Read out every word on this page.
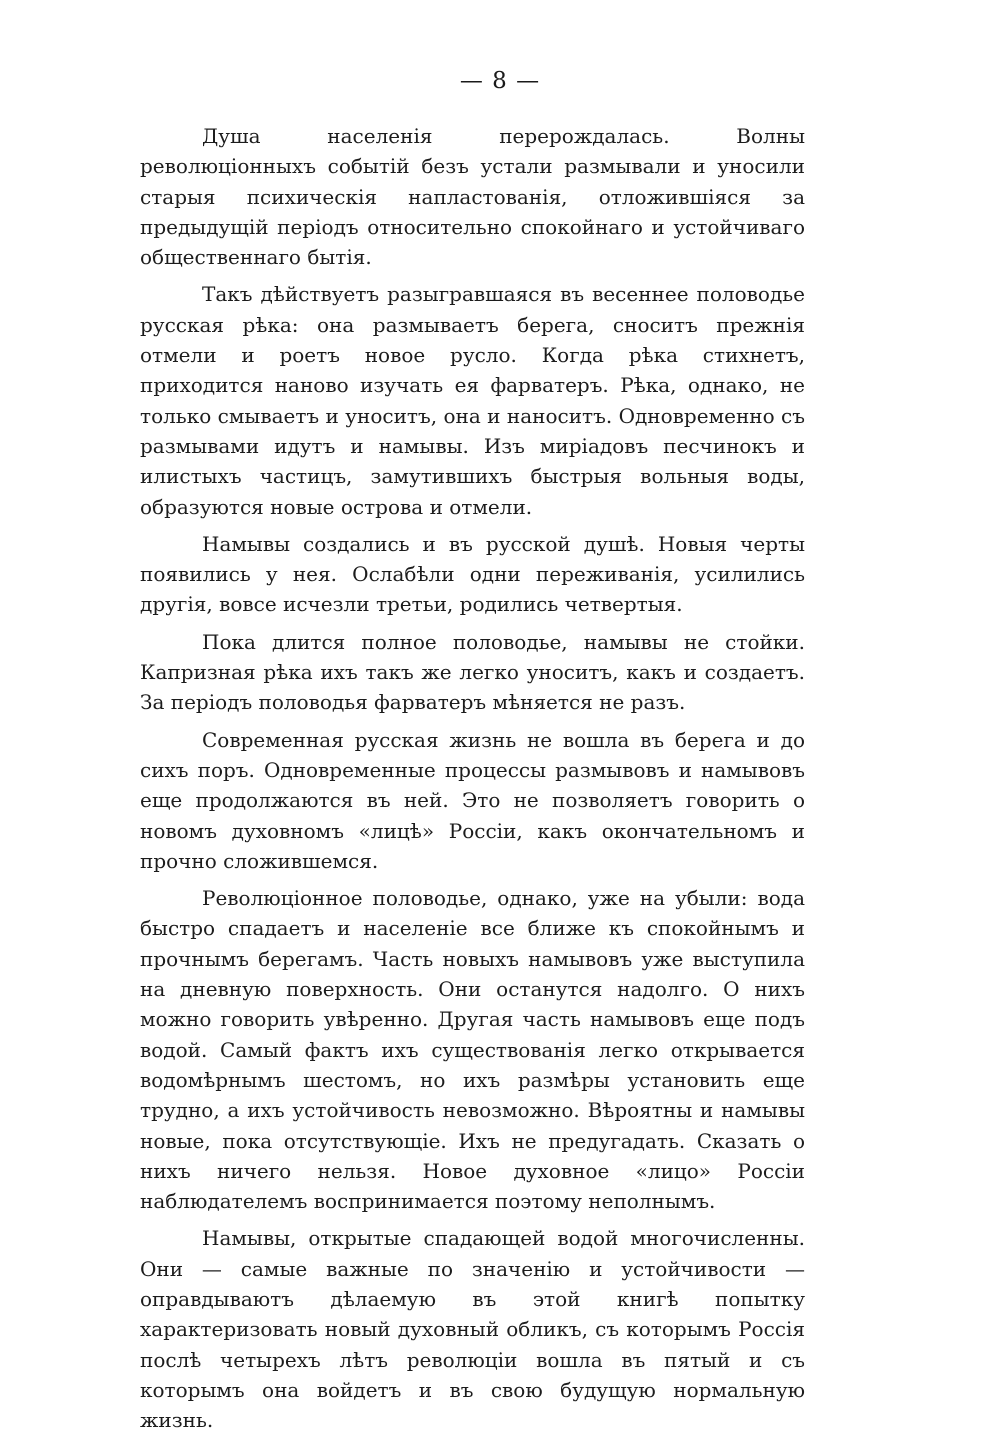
— 8 —

Душа населенія перерождалась. Волны революціонныхъ событій безъ устали размывали и уносили старыя психическія напластованія, отложившіяся за предыдущій періодъ относительно спокойнаго и устойчиваго общественнаго бытія.

Такъ дѣйствуетъ разыгравшаяся въ весеннее половодье русская рѣка: она размываетъ берега, сноситъ прежнія отмели и роетъ новое русло. Когда рѣка стихнетъ, приходится наново изучать ея фарватеръ. Рѣка, однако, не только смываетъ и уноситъ, она и наноситъ. Одновременно съ размывами идутъ и намывы. Изъ миріадовъ песчинокъ и илистыхъ частицъ, замутившихъ быстрыя вольныя воды, образуются новые острова и отмели.

Намывы создались и въ русской душѣ. Новыя черты появились у нея. Ослабѣли одни переживанія, усилились другія, вовсе исчезли третьи, родились четвертыя.

Пока длится полное половодье, намывы не стойки. Капризная рѣка ихъ такъ же легко уноситъ, какъ и создаетъ. За періодъ половодья фарватеръ мѣняется не разъ.

Современная русская жизнь не вошла въ берега и до сихъ поръ. Одновременные процессы размывовъ и намывовъ еще продолжаются въ ней. Это не позволяетъ говорить о новомъ духовномъ «лицѣ» Россіи, какъ окончательномъ и прочно сложившемся.

Революціонное половодье, однако, уже на убыли: вода быстро спадаетъ и населеніе все ближе къ спокойнымъ и прочнымъ берегамъ. Часть новыхъ намывовъ уже выступила на дневную поверхность. Они останутся надолго. О нихъ можно говорить увѣренно. Другая часть намывовъ еще подъ водой. Самый фактъ ихъ существованія легко открывается водомѣрнымъ шестомъ, но ихъ размѣры установить еще трудно, а ихъ устойчивость невозможно. Вѣроятны и намывы новые, пока отсутствующіе. Ихъ не предугадать. Сказать о нихъ ничего нельзя. Новое духовное «лицо» Россіи наблюдателемъ воспринимается поэтому неполнымъ.

Намывы, открытые спадающей водой многочисленны. Они — самые важные по значенію и устойчивости — оправдываютъ дѣлаемую въ этой книгѣ попытку характеризовать новый духовный обликъ, съ которымъ Россія послѣ четырехъ лѣтъ революціи вошла въ пятый и съ которымъ она войдетъ и въ свою будущую нормальную жизнь.
